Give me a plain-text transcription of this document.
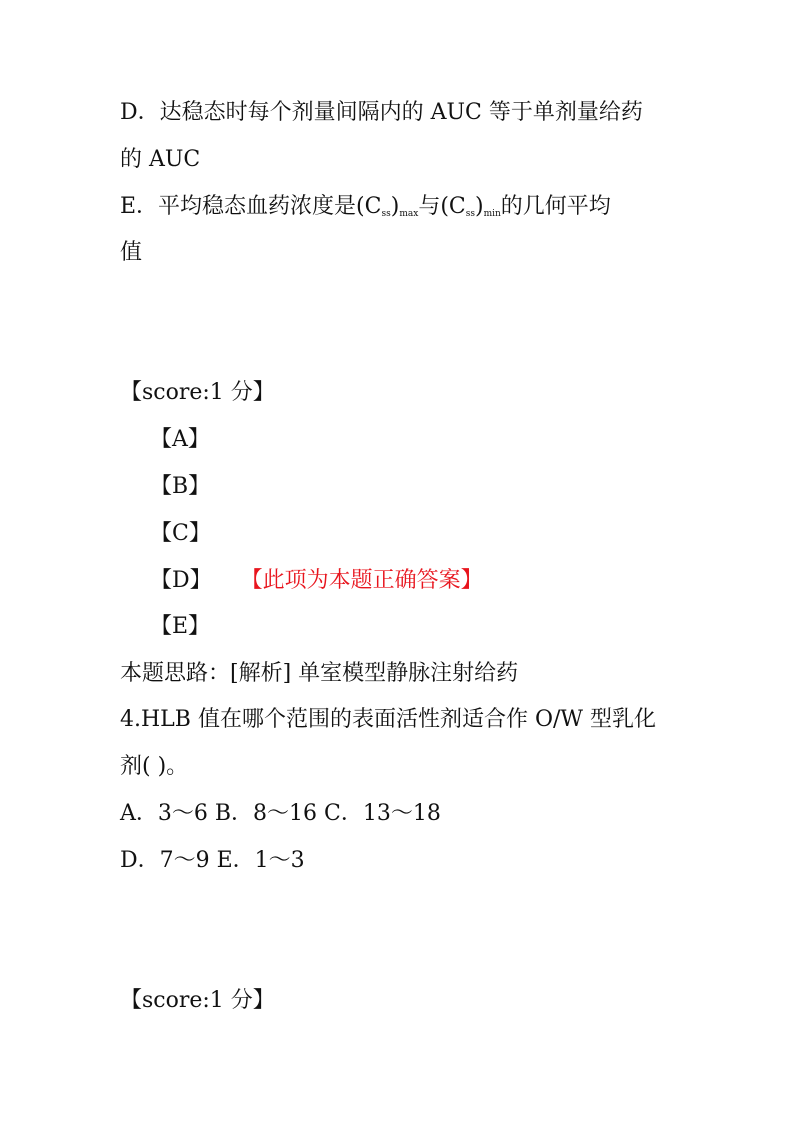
D．达稳态时每个剂量间隔内的 AUC 等于单剂量给药
的 AUC
E．平均稳态血药浓度是$(C_{ss})_{max}$与$(C_{ss})_{min}$的几何平均
值
【score:1 分】
【A】
【B】
【C】
【D】 【此项为本题正确答案】
【E】
本题思路：[解析] 单室模型静脉注射给药
4.HLB 值在哪个范围的表面活性剂适合作 O/W 型乳化
剂( )。
A．3～6 B．8～16 C．13～18
D．7～9 E．1～3
【score:1 分】
